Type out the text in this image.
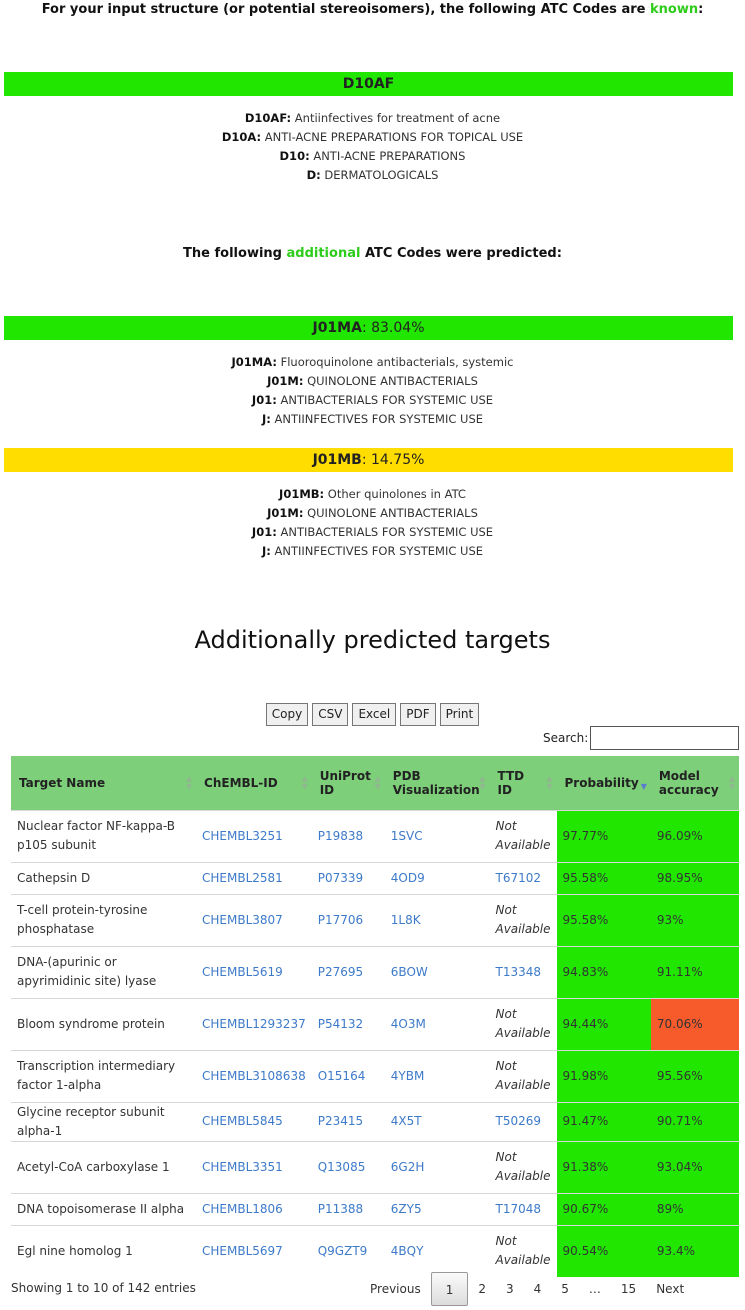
For your input structure (or potential stereoisomers), the following ATC Codes are known:
D10AF
D10AF: Antiinfectives for treatment of acne
D10A: ANTI-ACNE PREPARATIONS FOR TOPICAL USE
D10: ANTI-ACNE PREPARATIONS
D: DERMATOLOGICALS
The following additional ATC Codes were predicted:
J01MA: 83.04%
J01MA: Fluoroquinolone antibacterials, systemic
J01M: QUINOLONE ANTIBACTERIALS
J01: ANTIBACTERIALS FOR SYSTEMIC USE
J: ANTIINFECTIVES FOR SYSTEMIC USE
J01MB: 14.75%
J01MB: Other quinolones in ATC
J01M: QUINOLONE ANTIBACTERIALS
J01: ANTIBACTERIALS FOR SYSTEMIC USE
J: ANTIINFECTIVES FOR SYSTEMIC USE
Additionally predicted targets
Copy CSV Excel PDF Print
Search:
Target Name ▲
▼	ChEMBL-ID ▲
▼	UniProt
ID
▲
▼	PDB
Visualization
▲
▼	TTD
ID
▲
▼	Probability ▼	Model
accuracy
▲
▼

Nuclear factor NF-kappa-B p105 subunit	CHEMBL3251	P19838	1SVC	Not Available	97.77%	96.09%
Cathepsin D	CHEMBL2581	P07339	4OD9	T67102	95.58%	98.95%
T-cell protein-tyrosine phosphatase	CHEMBL3807	P17706	1L8K	Not Available	95.58%	93%
DNA-(apurinic or apyrimidinic site) lyase	CHEMBL5619	P27695	6BOW	T13348	94.83%	91.11%
Bloom syndrome protein	CHEMBL1293237	P54132	4O3M	Not Available	94.44%	70.06%
Transcription intermediary factor 1-alpha	CHEMBL3108638	O15164	4YBM	Not Available	91.98%	95.56%
Glycine receptor subunit alpha-1	CHEMBL5845	P23415	4X5T	T50269	91.47%	90.71%
Acetyl-CoA carboxylase 1	CHEMBL3351	Q13085	6G2H	Not Available	91.38%	93.04%
DNA topoisomerase II alpha	CHEMBL1806	P11388	6ZY5	T17048	90.67%	89%
Egl nine homolog 1	CHEMBL5697	Q9GZT9	4BQY	Not Available	90.54%	93.4%
Showing 1 to 10 of 142 entries	Previous	1	2	3	4	5	…	15	Next
